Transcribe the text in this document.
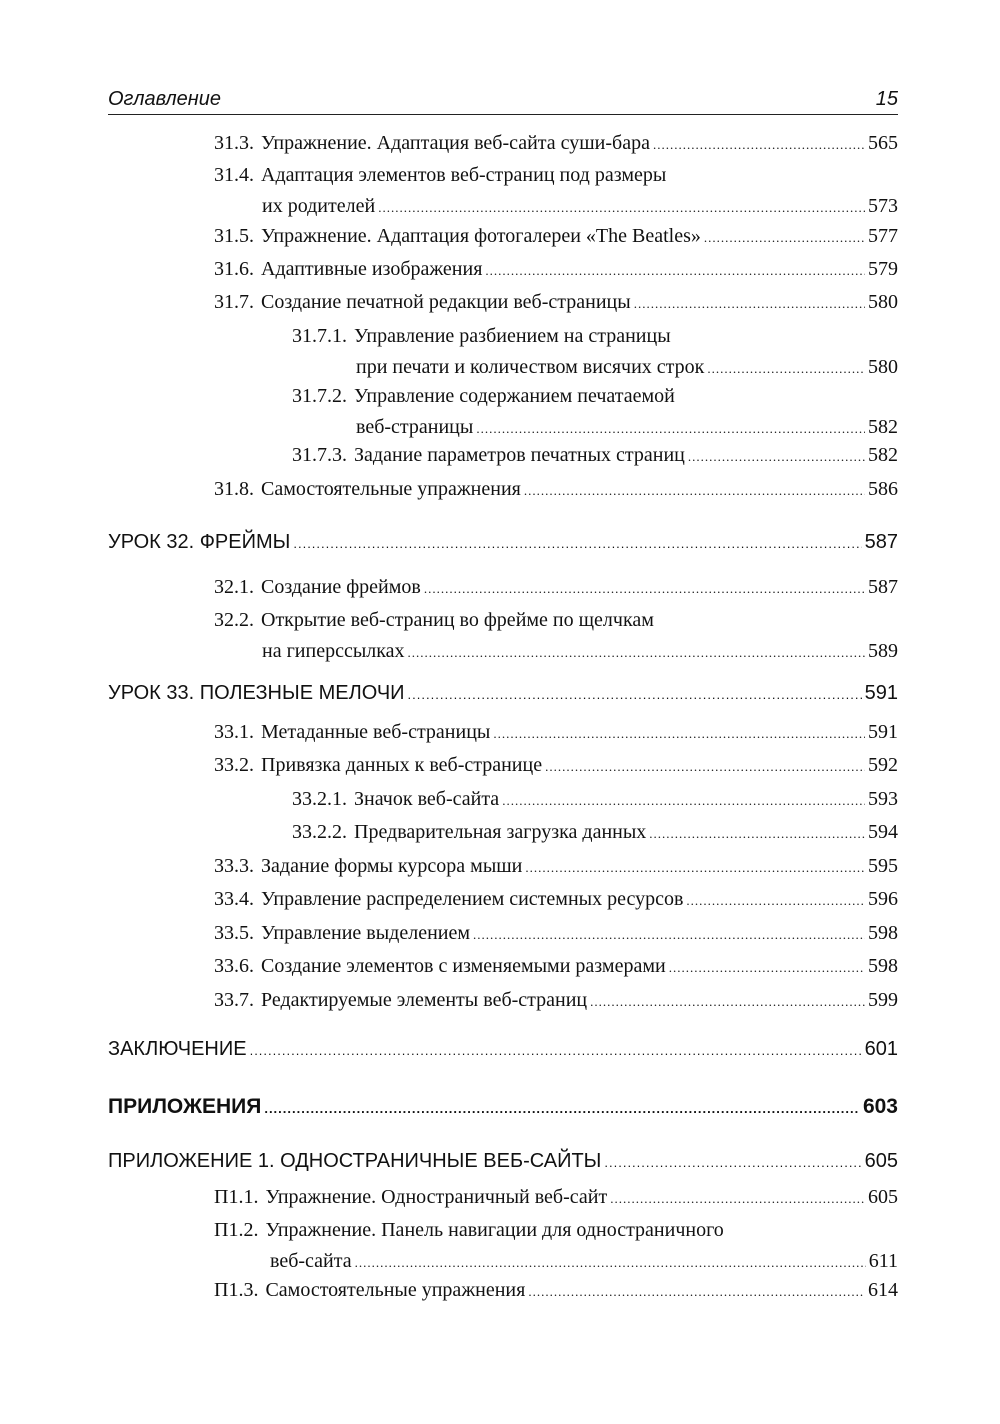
Оглавление	15
31.3. Упражнение. Адаптация веб-сайта суши-бара .....	565
31.4. Адаптация элементов веб-страниц под размеры
их родителей .....	573
31.5. Упражнение. Адаптация фотогалереи «The Beatles» .....	577
31.6. Адаптивные изображения .....	579
31.7. Создание печатной редакции веб-страницы .....	580
31.7.1. Управление разбиением на страницы
при печати и количеством висячих строк .....	580
31.7.2. Управление содержанием печатаемой
веб-страницы .....	582
31.7.3. Задание параметров печатных страниц .....	582
31.8. Самостоятельные упражнения .....	586
УРОК 32. ФРЕЙМЫ .....	587
32.1. Создание фреймов .....	587
32.2. Открытие веб-страниц во фрейме по щелчкам
на гиперссылках .....	589
УРОК 33. ПОЛЕЗНЫЕ МЕЛОЧИ .....	591
33.1. Метаданные веб-страницы .....	591
33.2. Привязка данных к веб-странице .....	592
33.2.1. Значок веб-сайта .....	593
33.2.2. Предварительная загрузка данных .....	594
33.3. Задание формы курсора мыши .....	595
33.4. Управление распределением системных ресурсов .....	596
33.5. Управление выделением .....	598
33.6. Создание элементов с изменяемыми размерами .....	598
33.7. Редактируемые элементы веб-страниц .....	599
ЗАКЛЮЧЕНИЕ .....	601
ПРИЛОЖЕНИЯ .....	603
ПРИЛОЖЕНИЕ 1. ОДНОСТРАНИЧНЫЕ ВЕБ-САЙТЫ .....	605
П1.1. Упражнение. Одностраничный веб-сайт .....	605
П1.2. Упражнение. Панель навигации для одностраничного
веб-сайта .....	611
П1.3. Самостоятельные упражнения .....	614
